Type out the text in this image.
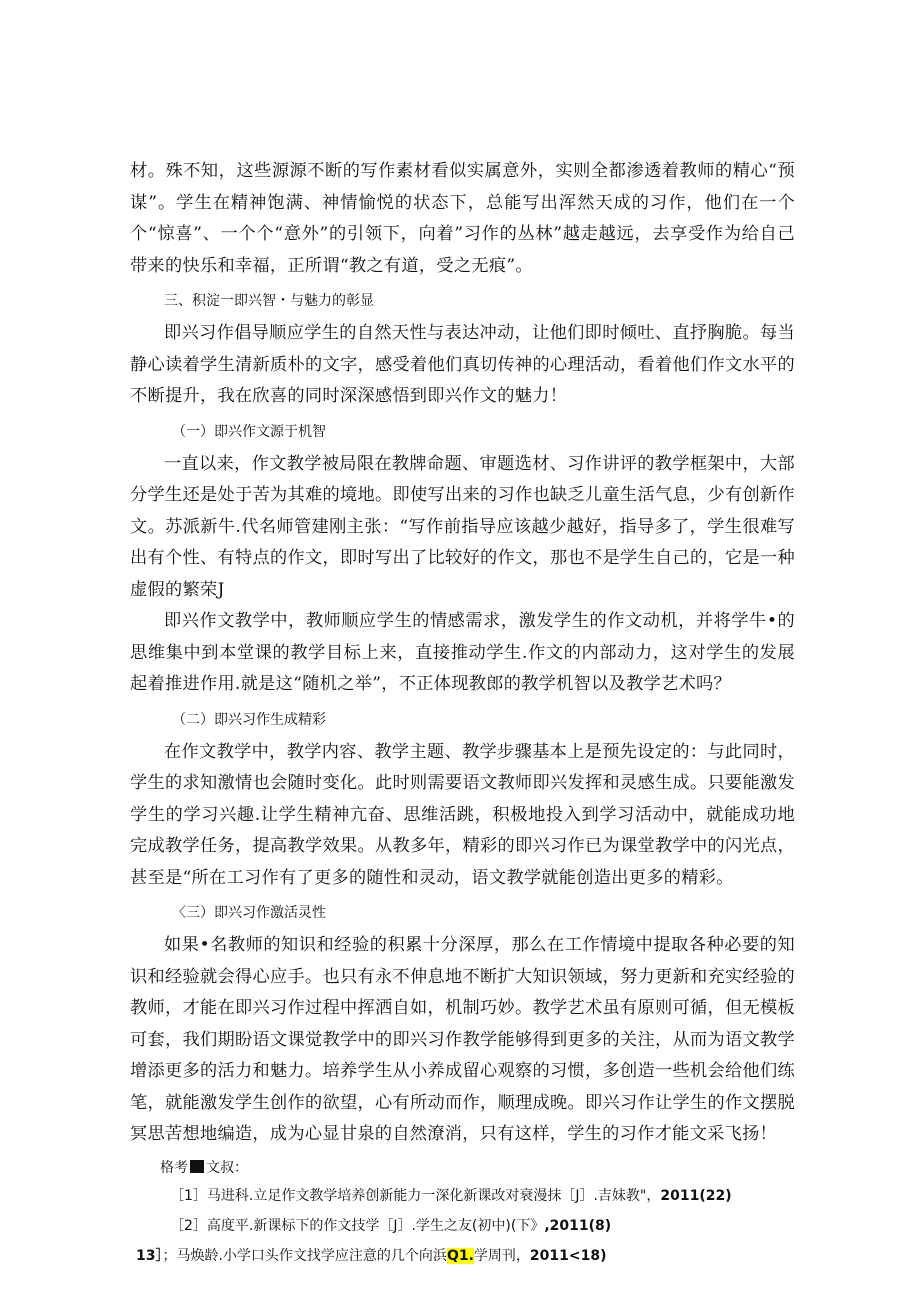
材。殊不知，这些源源不断的写作素材看似实属意外，实则全都渗透着教师的精心“预谋”。学生在精神饱满、神情愉悦的状态下，总能写出浑然天成的习作，他们在一个个“惊喜”、一个个“意外”的引领下，向着”习作的丛林”越走越远，去享受作为给自己带来的快乐和幸福，正所谓“教之有道，受之无痕”。

三、积淀一即兴智・与魅力的彰显

即兴习作倡导顺应学生的自然天性与表达冲动，让他们即时倾吐、直抒胸脆。每当静心读着学生清新质朴的文字，感受着他们真切传神的心理活动，看着他们作文水平的不断提升，我在欣喜的同时深深感悟到即兴作文的魅力！

（一）即兴作文源于机智

一直以来，作文教学被局限在教牌命题、审题选材、习作讲评的教学框架中，大部分学生还是处于苦为其难的境地。即使写出来的习作也缺乏儿童生活气息，少有创新作文。苏派新牛.代名师管建刚主张：“写作前指导应该越少越好，指导多了，学生很难写出有个性、有特点的作文，即时写出了比较好的作文，那也不是学生自己的，它是一种虚假的繁荣J

即兴作文教学中，教师顺应学生的情感需求，激发学生的作文动机，并将学牛•的思维集中到本堂课的教学目标上来，直接推动学生.作文的内部动力，这对学生的发展起着推进作用.就是这“随机之举”，不正体现教郎的教学机智以及教学艺术吗？

（二）即兴习作生成精彩

在作文教学中，教学内容、教学主题、教学步骤基本上是预先设定的：与此同时，学生的求知激情也会随时变化。此时则需要语文教师即兴发挥和灵感生成。只要能激发学生的学习兴趣.让学生精神亢奋、思维活跳，积极地投入到学习活动中，就能成功地完成教学任务，提高教学效果。从教多年，精彩的即兴习作已为课堂教学中的闪光点，甚至是“所在工习作有了更多的随性和灵动，语文教学就能创造出更多的精彩。

〈三）即兴习作激活灵性

如果•名教师的知识和经验的积累十分深厚，那么在工作情境中提取各种必要的知识和经验就会得心应手。也只有永不伸息地不断扩大知识领域，努力更新和充实经验的教师，才能在即兴习作过程中挥洒自如，机制巧妙。教学艺术虽有原则可循，但无模板可套，我们期盼语文课觉教学中的即兴习作教学能够得到更多的关注，从而为语文教学增添更多的活力和魅力。培养学生从小养成留心观察的习惯，多创造一些机会给他们练笔，就能激发学生创作的欲望，心有所动而作，顺理成晚。即兴习作让学生的作文摆脱冥思苦想地编造，成为心显甘泉的自然潦消，只有这样，学生的习作才能文采飞扬！

格考 文叔：
［1］马进科.立足作文教学培养创新能力一深化新课改对衰漫抹［J］.吉妹教"，2011(22)
［2］高度平.新课标下的作文技学［J］.学生之友(初中)(下》,2011(8)
13］；马焕龄.小学口头作文找学应注意的几个向浜Q1.学周刊，2011<18)
